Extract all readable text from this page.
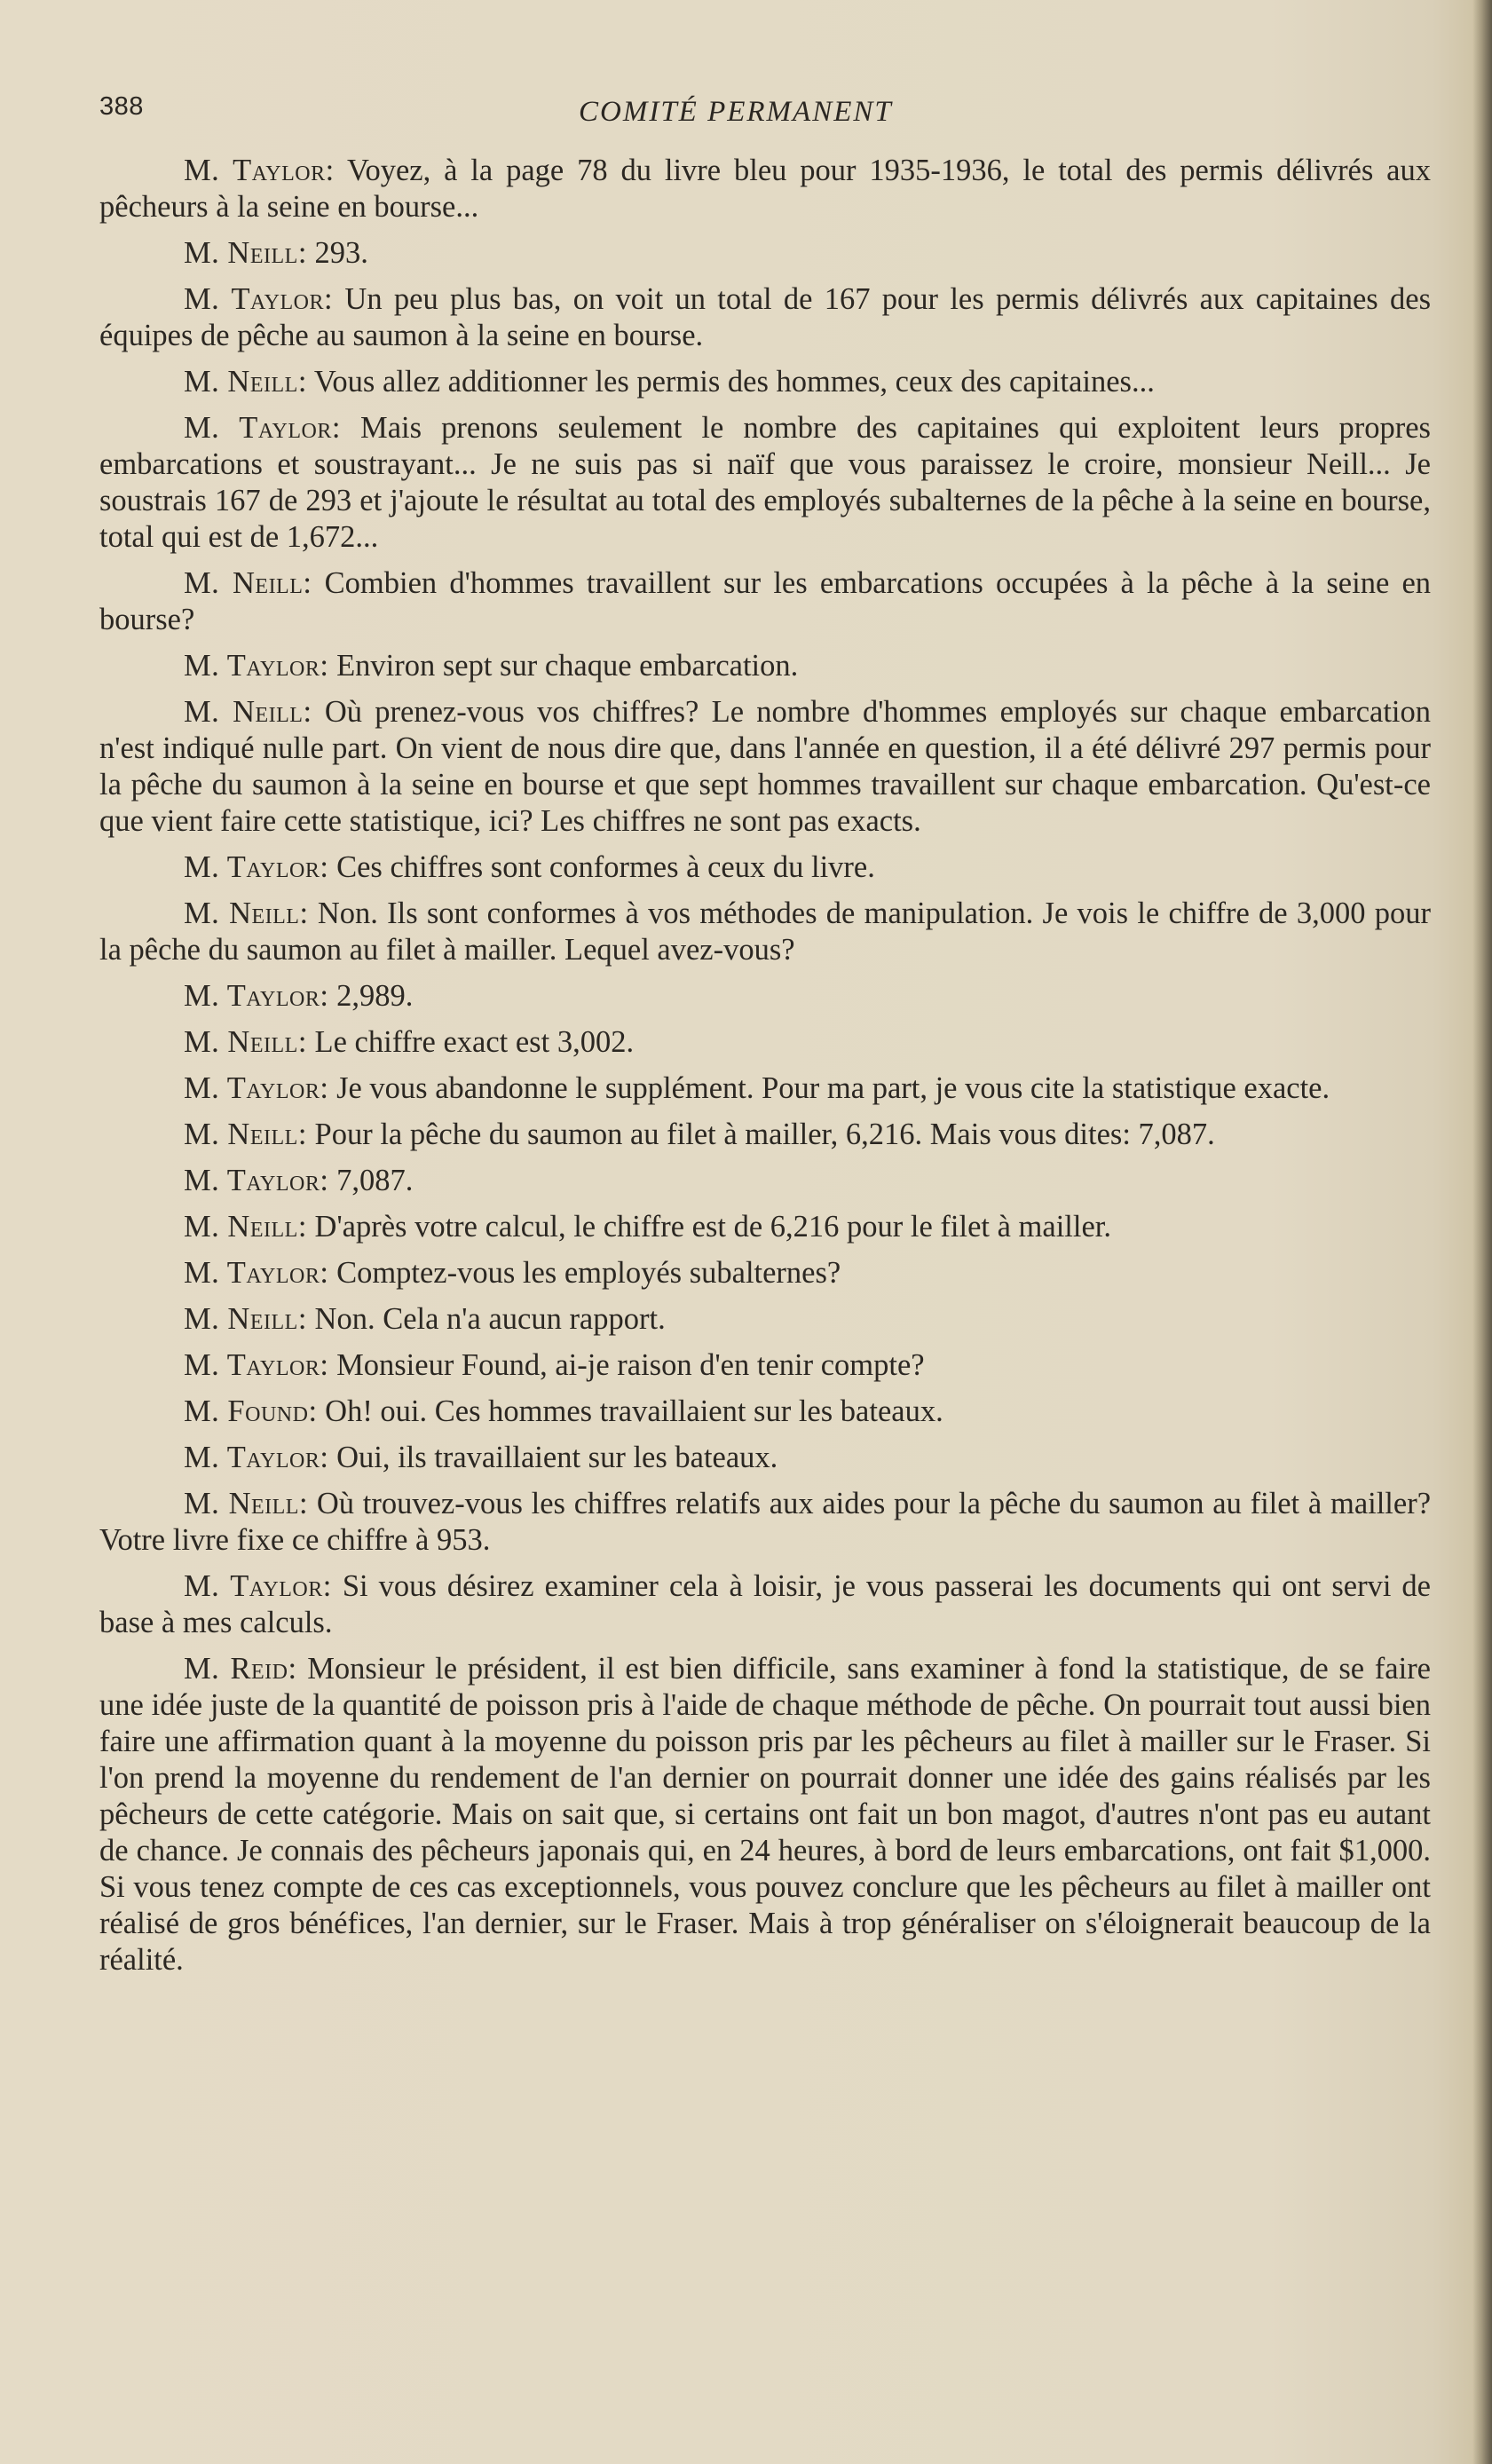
388	COMITÉ PERMANENT

M. Taylor: Voyez, à la page 78 du livre bleu pour 1935-1936, le total des permis délivrés aux pêcheurs à la seine en bourse...

M. Neill: 293.

M. Taylor: Un peu plus bas, on voit un total de 167 pour les permis délivrés aux capitaines des équipes de pêche au saumon à la seine en bourse.

M. Neill: Vous allez additionner les permis des hommes, ceux des capitaines...

M. Taylor: Mais prenons seulement le nombre des capitaines qui exploitent leurs propres embarcations et soustrayant... Je ne suis pas si naïf que vous paraissez le croire, monsieur Neill... Je soustrais 167 de 293 et j'ajoute le résultat au total des employés subalternes de la pêche à la seine en bourse, total qui est de 1,672...

M. Neill: Combien d'hommes travaillent sur les embarcations occupées à la pêche à la seine en bourse?

M. Taylor: Environ sept sur chaque embarcation.

M. Neill: Où prenez-vous vos chiffres? Le nombre d'hommes employés sur chaque embarcation n'est indiqué nulle part. On vient de nous dire que, dans l'année en question, il a été délivré 297 permis pour la pêche du saumon à la seine en bourse et que sept hommes travaillent sur chaque embarcation. Qu'est-ce que vient faire cette statistique, ici? Les chiffres ne sont pas exacts.

M. Taylor: Ces chiffres sont conformes à ceux du livre.

M. Neill: Non. Ils sont conformes à vos méthodes de manipulation. Je vois le chiffre de 3,000 pour la pêche du saumon au filet à mailler. Lequel avez-vous?

M. Taylor: 2,989.

M. Neill: Le chiffre exact est 3,002.

M. Taylor: Je vous abandonne le supplément. Pour ma part, je vous cite la statistique exacte.

M. Neill: Pour la pêche du saumon au filet à mailler, 6,216. Mais vous dites: 7,087.

M. Taylor: 7,087.

M. Neill: D'après votre calcul, le chiffre est de 6,216 pour le filet à mailler.

M. Taylor: Comptez-vous les employés subalternes?

M. Neill: Non. Cela n'a aucun rapport.

M. Taylor: Monsieur Found, ai-je raison d'en tenir compte?

M. Found: Oh! oui. Ces hommes travaillaient sur les bateaux.

M. Taylor: Oui, ils travaillaient sur les bateaux.

M. Neill: Où trouvez-vous les chiffres relatifs aux aides pour la pêche du saumon au filet à mailler? Votre livre fixe ce chiffre à 953.

M. Taylor: Si vous désirez examiner cela à loisir, je vous passerai les documents qui ont servi de base à mes calculs.

M. Reid: Monsieur le président, il est bien difficile, sans examiner à fond la statistique, de se faire une idée juste de la quantité de poisson pris à l'aide de chaque méthode de pêche. On pourrait tout aussi bien faire une affirmation quant à la moyenne du poisson pris par les pêcheurs au filet à mailler sur le Fraser. Si l'on prend la moyenne du rendement de l'an dernier on pourrait donner une idée des gains réalisés par les pêcheurs de cette catégorie. Mais on sait que, si certains ont fait un bon magot, d'autres n'ont pas eu autant de chance. Je connais des pêcheurs japonais qui, en 24 heures, à bord de leurs embarcations, ont fait $1,000. Si vous tenez compte de ces cas exceptionnels, vous pouvez conclure que les pêcheurs au filet à mailler ont réalisé de gros bénéfices, l'an dernier, sur le Fraser. Mais à trop généraliser on s'éloignerait beaucoup de la réalité.
